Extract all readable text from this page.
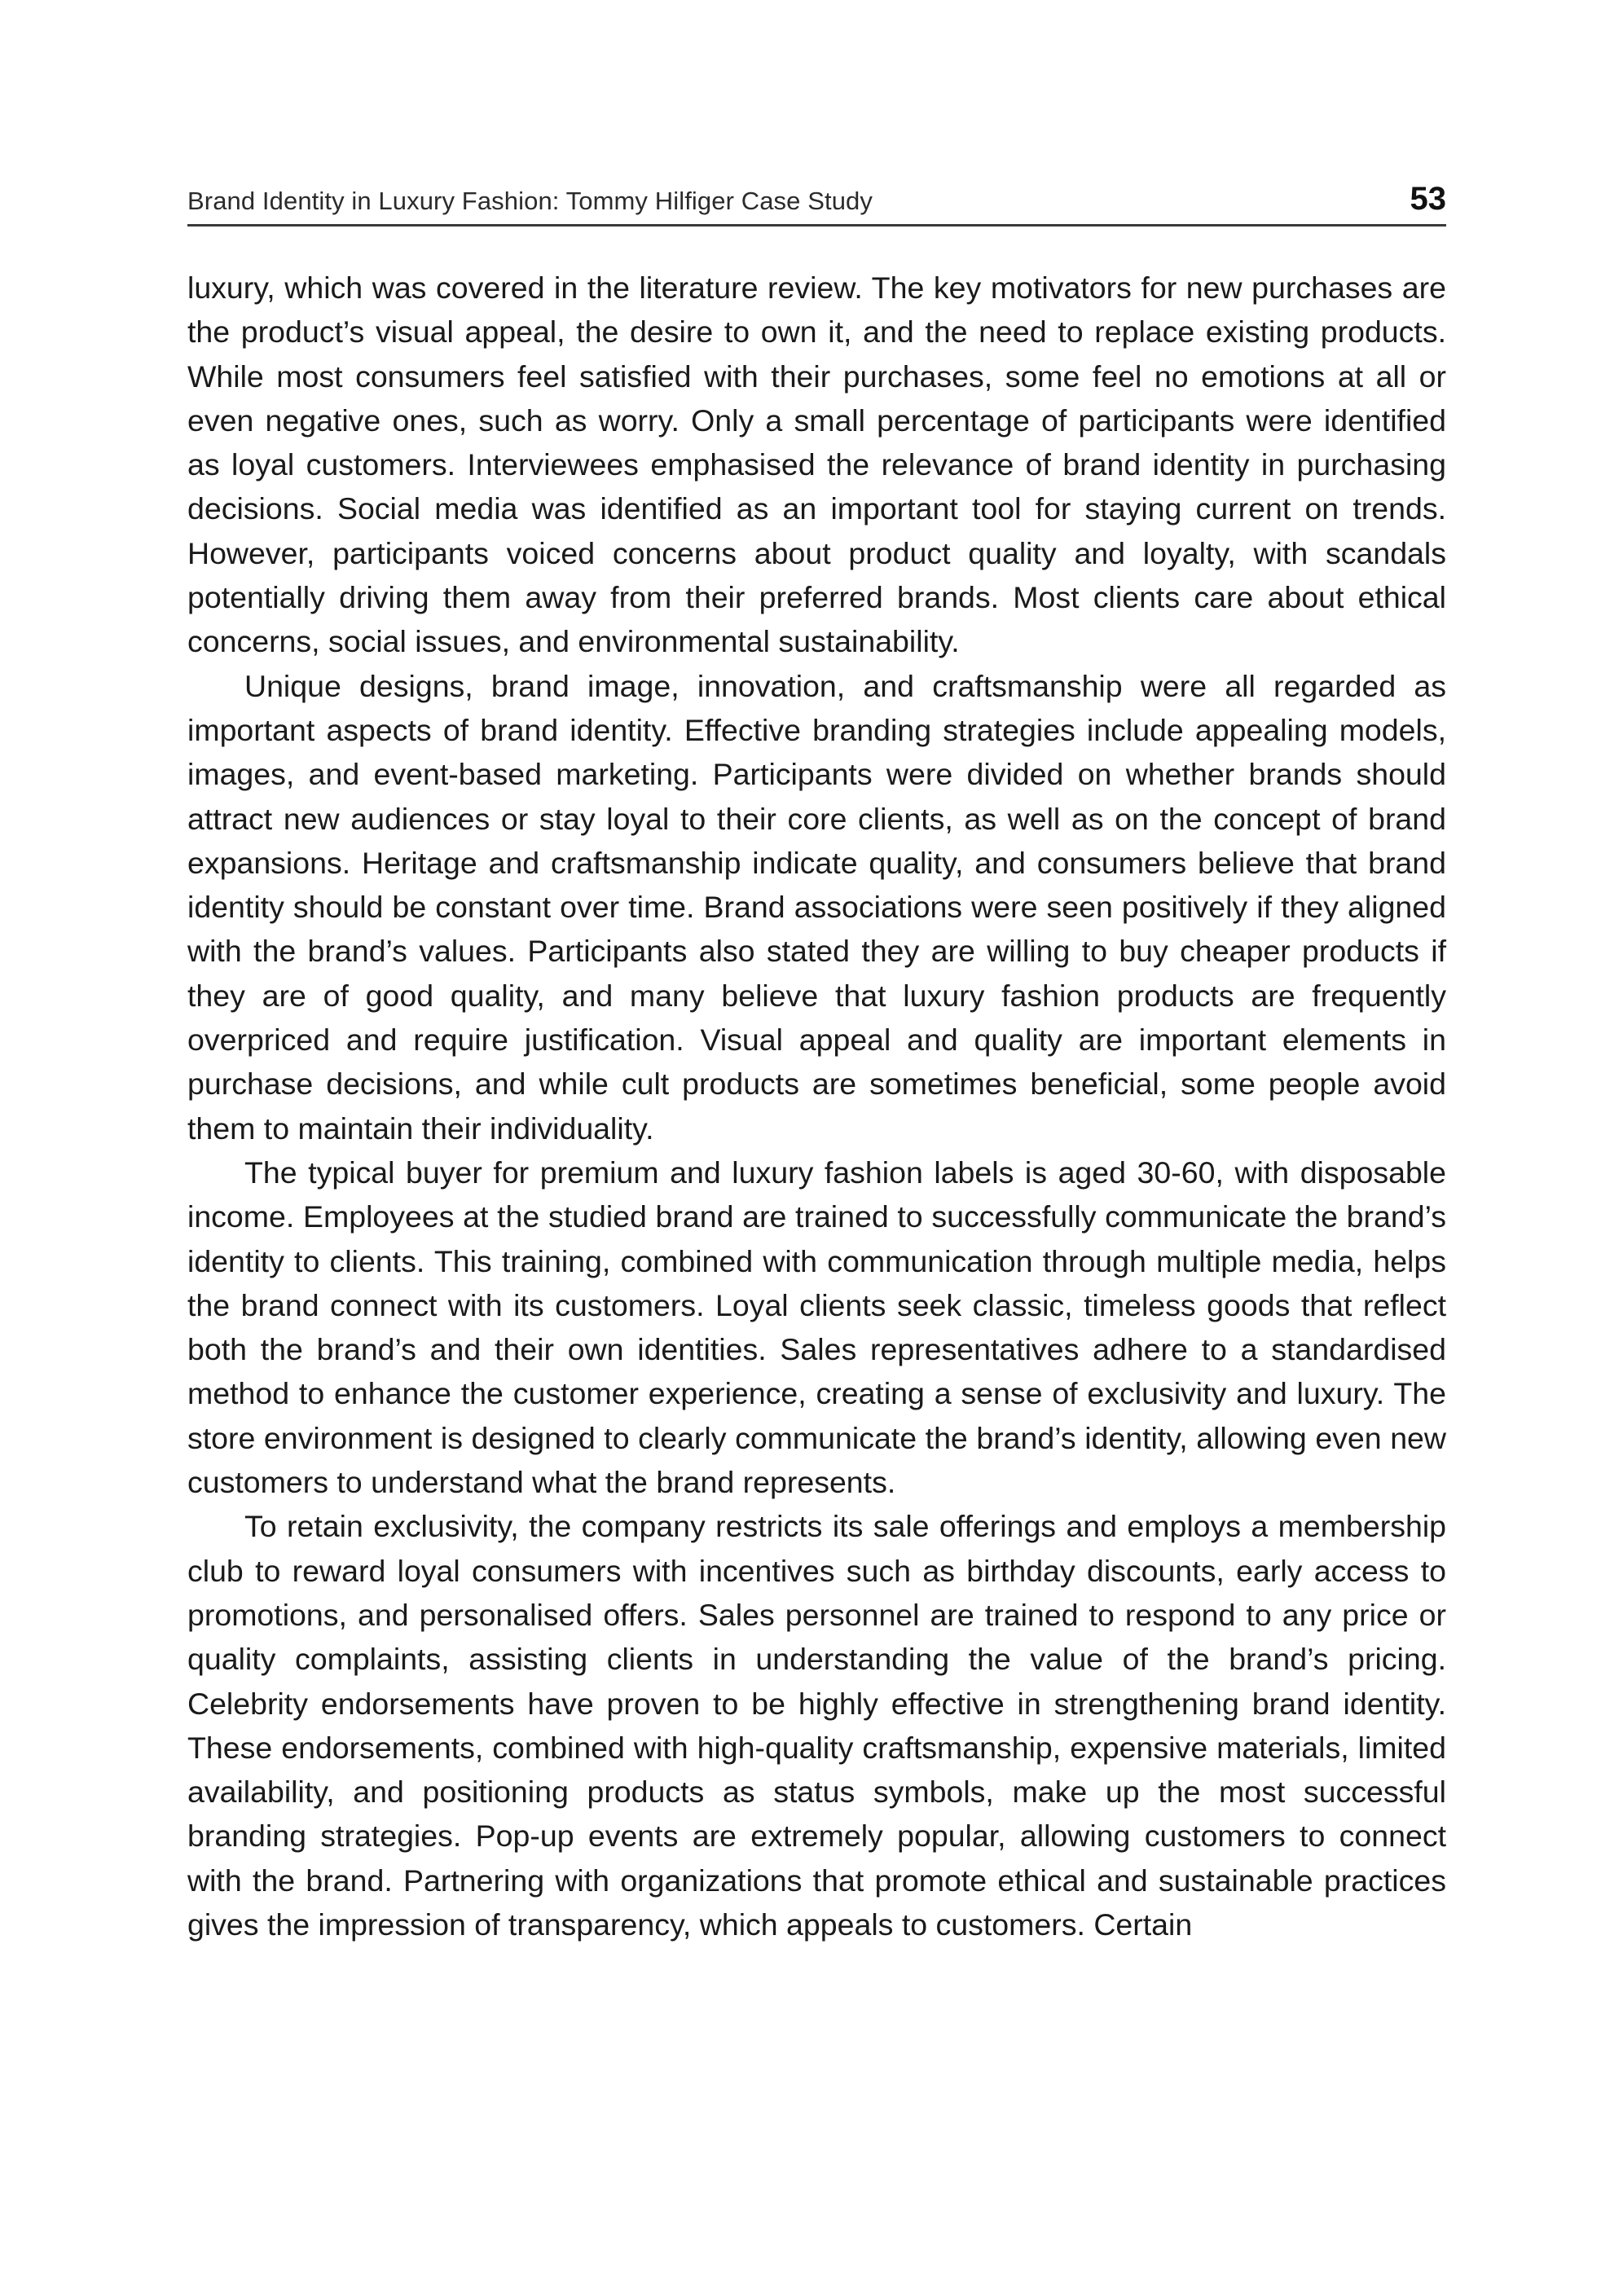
Brand Identity in Luxury Fashion: Tommy Hilfiger Case Study	53

luxury, which was covered in the literature review. The key motivators for new purchases are the product’s visual appeal, the desire to own it, and the need to replace existing products. While most consumers feel satisfied with their purchases, some feel no emotions at all or even negative ones, such as worry. Only a small percentage of participants were identified as loyal customers. Interviewees emphasised the relevance of brand identity in purchasing decisions. Social media was identified as an important tool for staying current on trends. However, participants voiced concerns about product quality and loyalty, with scandals potentially driving them away from their preferred brands. Most clients care about ethical concerns, social issues, and environmental sustainability.

Unique designs, brand image, innovation, and craftsmanship were all regarded as important aspects of brand identity. Effective branding strategies include appealing models, images, and event-based marketing. Participants were divided on whether brands should attract new audiences or stay loyal to their core clients, as well as on the concept of brand expansions. Heritage and craftsmanship indicate quality, and consumers believe that brand identity should be constant over time. Brand associations were seen positively if they aligned with the brand’s values. Participants also stated they are willing to buy cheaper products if they are of good quality, and many believe that luxury fashion products are frequently overpriced and require justification. Visual appeal and quality are important elements in purchase decisions, and while cult products are sometimes beneficial, some people avoid them to maintain their individuality.

The typical buyer for premium and luxury fashion labels is aged 30-60, with disposable income. Employees at the studied brand are trained to successfully communicate the brand’s identity to clients. This training, combined with communication through multiple media, helps the brand connect with its customers. Loyal clients seek classic, timeless goods that reflect both the brand’s and their own identities. Sales representatives adhere to a standardised method to enhance the customer experience, creating a sense of exclusivity and luxury. The store environment is designed to clearly communicate the brand’s identity, allowing even new customers to understand what the brand represents.

To retain exclusivity, the company restricts its sale offerings and employs a membership club to reward loyal consumers with incentives such as birthday discounts, early access to promotions, and personalised offers. Sales personnel are trained to respond to any price or quality complaints, assisting clients in understanding the value of the brand’s pricing. Celebrity endorsements have proven to be highly effective in strengthening brand identity. These endorsements, combined with high-quality craftsmanship, expensive materials, limited availability, and positioning products as status symbols, make up the most successful branding strategies. Pop-up events are extremely popular, allowing customers to connect with the brand. Partnering with organizations that promote ethical and sustainable practices gives the impression of transparency, which appeals to customers. Certain
